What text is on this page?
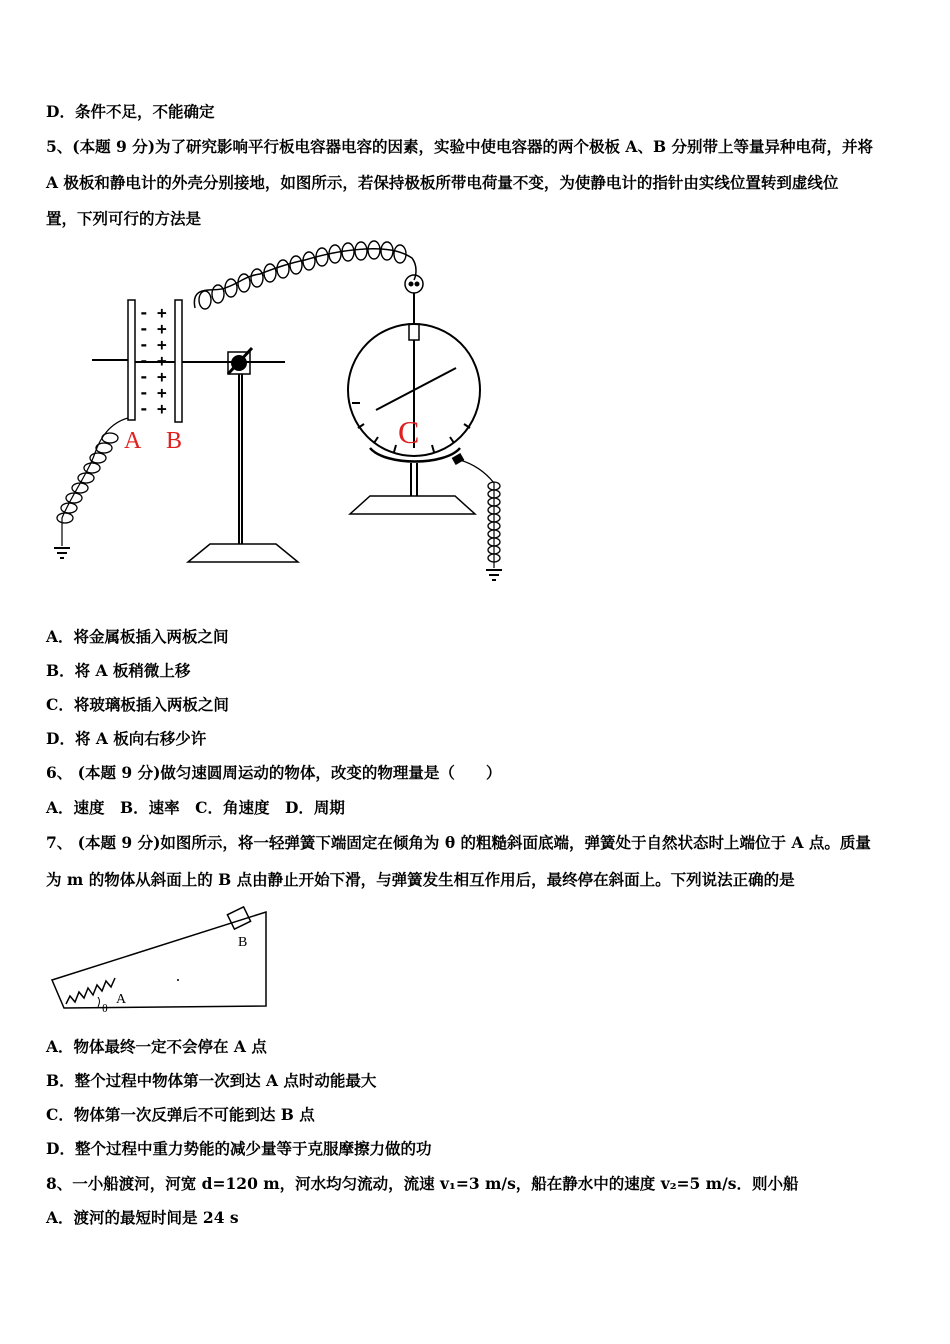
D．条件不足，不能确定
5、(本题 9 分)为了研究影响平行板电容器电容的因素，实验中使电容器的两个极板 A、B 分别带上等量异种电荷，并将
A 极板和静电计的外壳分别接地，如图所示，若保持极板所带电荷量不变，为使静电计的指针由实线位置转到虚线位
置，下列可行的方法是
- +
- +
- +
- +
- +
- +
- +
A B	C
A．将金属板插入两板之间
B．将 A 板稍微上移
C．将玻璃板插入两板之间
D．将 A 板向右移少许
6、 (本题 9 分)做匀速圆周运动的物体，改变的物理量是（　　）
A．速度　B．速率　C．角速度　D．周期
7、 (本题 9 分)如图所示，将一轻弹簧下端固定在倾角为 θ 的粗糙斜面底端，弹簧处于自然状态时上端位于 A 点。质量
为 m 的物体从斜面上的 B 点由静止开始下滑，与弹簧发生相互作用后，最终停在斜面上。下列说法正确的是
B
θ
A
A．物体最终一定不会停在 A 点
B．整个过程中物体第一次到达 A 点时动能最大
C．物体第一次反弹后不可能到达 B 点
D．整个过程中重力势能的减少量等于克服摩擦力做的功
8、一小船渡河，河宽 d=120 m，河水均匀流动，流速 v₁=3 m/s，船在静水中的速度 v₂=5 m/s．则小船
A．渡河的最短时间是 24 s
